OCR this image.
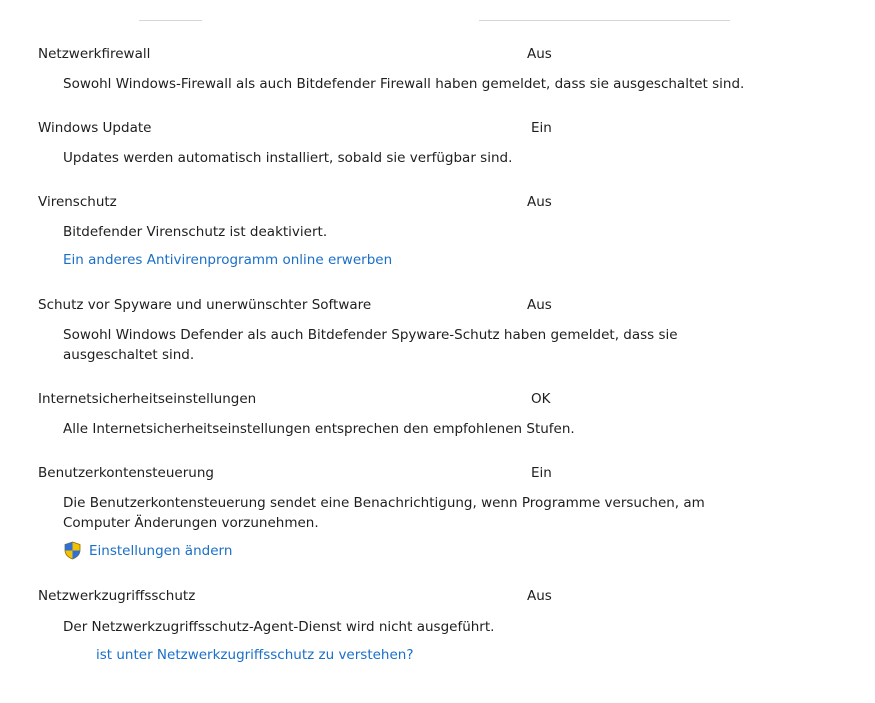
Netzwerkfirewall	Aus
Sowohl Windows-Firewall als auch Bitdefender Firewall haben gemeldet, dass sie ausgeschaltet sind.
Windows Update	Ein
Updates werden automatisch installiert, sobald sie verfügbar sind.
Virenschutz	Aus
Bitdefender Virenschutz ist deaktiviert.
Ein anderes Antivirenprogramm online erwerben
Schutz vor Spyware und unerwünschter Software	Aus
Sowohl Windows Defender als auch Bitdefender Spyware-Schutz haben gemeldet, dass sie ausgeschaltet sind.
Internetsicherheitseinstellungen	OK
Alle Internetsicherheitseinstellungen entsprechen den empfohlenen Stufen.
Benutzerkontensteuerung	Ein
Die Benutzerkontensteuerung sendet eine Benachrichtigung, wenn Programme versuchen, am Computer Änderungen vorzunehmen.
Einstellungen ändern
Netzwerkzugriffsschutz	Aus
Der Netzwerkzugriffsschutz-Agent-Dienst wird nicht ausgeführt.
ist unter Netzwerkzugriffsschutz zu verstehen?
